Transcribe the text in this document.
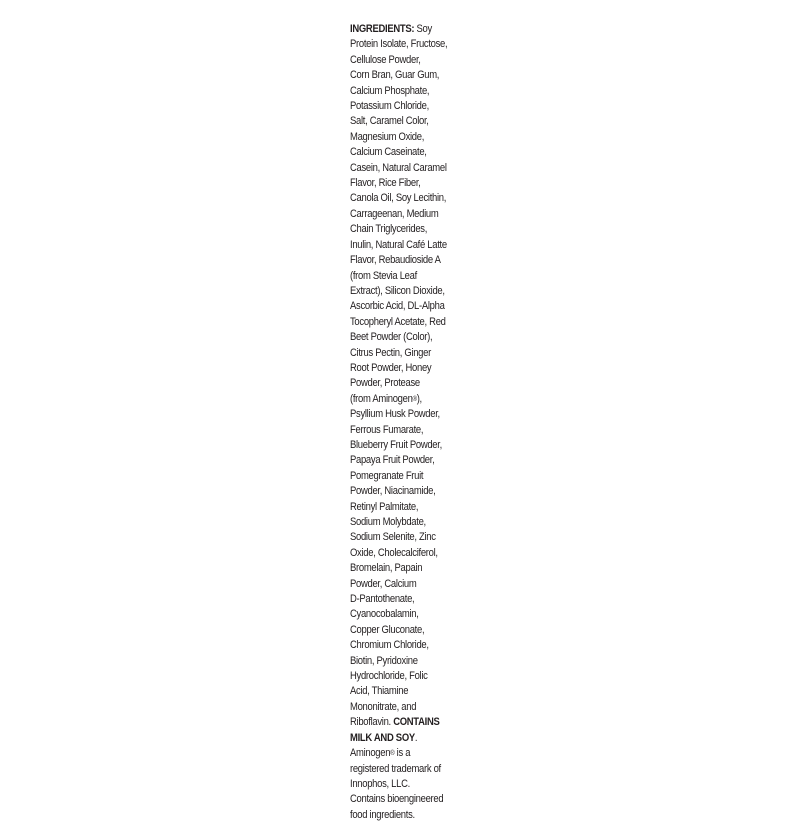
INGREDIENTS: Soy
Protein Isolate, Fructose,
Cellulose Powder,
Corn Bran, Guar Gum,
Calcium Phosphate,
Potassium Chloride,
Salt, Caramel Color,
Magnesium Oxide,
Calcium Caseinate,
Casein, Natural Caramel
Flavor, Rice Fiber,
Canola Oil, Soy Lecithin,
Carrageenan, Medium
Chain Triglycerides,
Inulin, Natural Café Latte
Flavor, Rebaudioside A
(from Stevia Leaf
Extract), Silicon Dioxide,
Ascorbic Acid, DL-Alpha
Tocopheryl Acetate, Red
Beet Powder (Color),
Citrus Pectin, Ginger
Root Powder, Honey
Powder, Protease
(from Aminogen®),
Psyllium Husk Powder,
Ferrous Fumarate,
Blueberry Fruit Powder,
Papaya Fruit Powder,
Pomegranate Fruit
Powder, Niacinamide,
Retinyl Palmitate,
Sodium Molybdate,
Sodium Selenite, Zinc
Oxide, Cholecalciferol,
Bromelain, Papain
Powder, Calcium
D-Pantothenate,
Cyanocobalamin,
Copper Gluconate,
Chromium Chloride,
Biotin, Pyridoxine
Hydrochloride, Folic
Acid, Thiamine
Mononitrate, and
Riboflavin. CONTAINS
MILK AND SOY.
Aminogen® is a
registered trademark of
Innophos, LLC.
Contains bioengineered
food ingredients.
